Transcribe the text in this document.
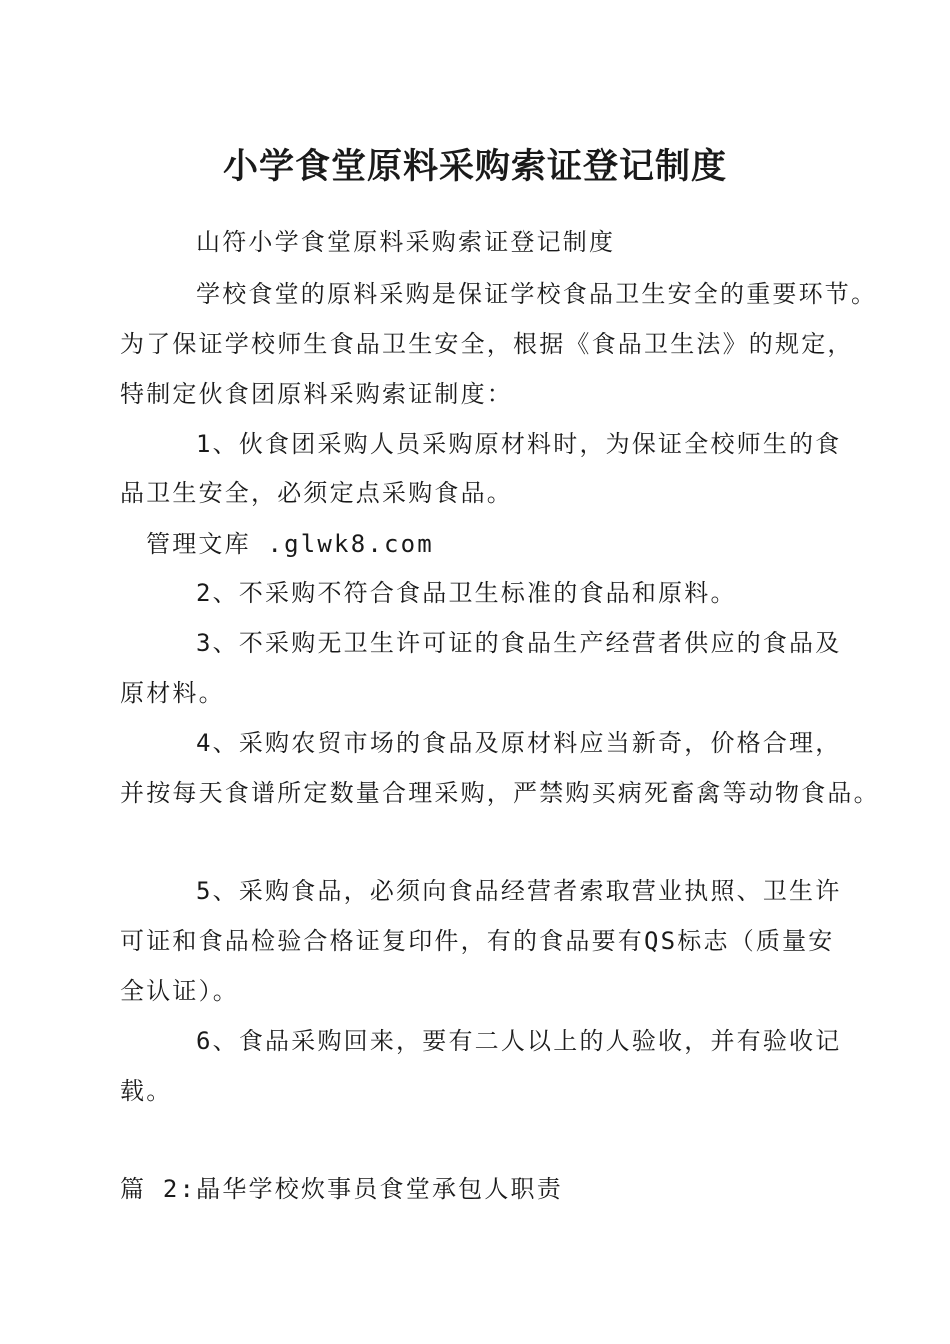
小学食堂原料采购索证登记制度
山符小学食堂原料采购索证登记制度
学校食堂的原料采购是保证学校食品卫生安全的重要环节。
为了保证学校师生食品卫生安全，根据《食品卫生法》的规定，
特制定伙食团原料采购索证制度：
1、伙食团采购人员采购原材料时，为保证全校师生的食
品卫生安全，必须定点采购食品。
管理文库 .glwk8.com
2、不采购不符合食品卫生标准的食品和原料。
3、不采购无卫生许可证的食品生产经营者供应的食品及
原材料。
4、采购农贸市场的食品及原材料应当新奇，价格合理，
并按每天食谱所定数量合理采购，严禁购买病死畜禽等动物食品。
5、采购食品，必须向食品经营者索取营业执照、卫生许
可证和食品检验合格证复印件，有的食品要有QS标志（质量安
全认证）。
6、食品采购回来，要有二人以上的人验收，并有验收记
载。
篇 2:晶华学校炊事员食堂承包人职责
